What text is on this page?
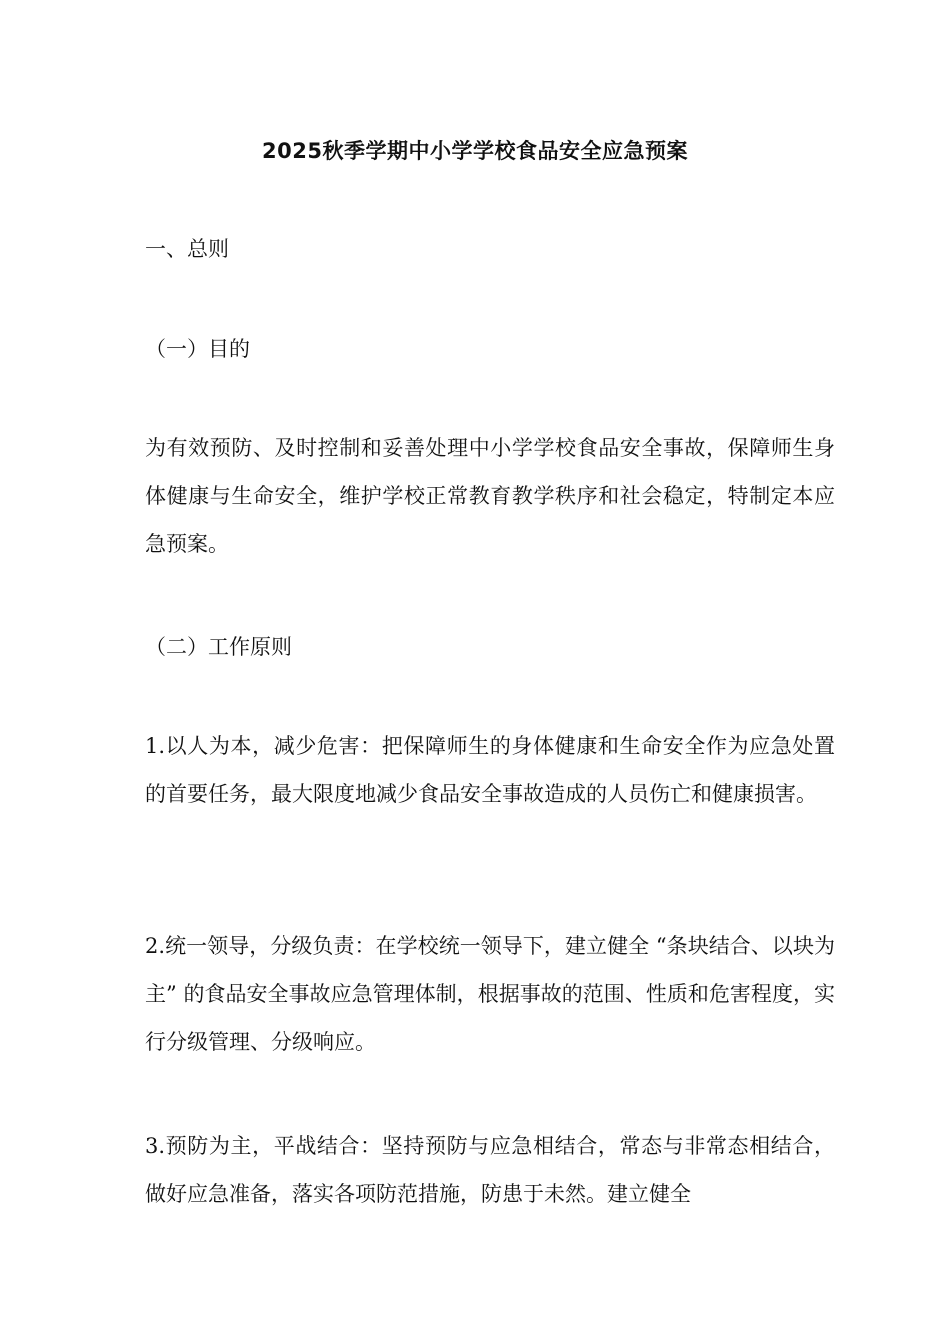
2025秋季学期中小学学校食品安全应急预案
一、总则
（一）目的
为有效预防、及时控制和妥善处理中小学学校食品安全事故，保障师生身体健康与生命安全，维护学校正常教育教学秩序和社会稳定，特制定本应急预案。
（二）工作原则
1.以人为本，减少危害：把保障师生的身体健康和生命安全作为应急处置的首要任务，最大限度地减少食品安全事故造成的人员伤亡和健康损害。
2.统一领导，分级负责：在学校统一领导下，建立健全 “条块结合、以块为主” 的食品安全事故应急管理体制，根据事故的范围、性质和危害程度，实行分级管理、分级响应。
3.预防为主，平战结合：坚持预防与应急相结合，常态与非常态相结合，做好应急准备，落实各项防范措施，防患于未然。建立健全
